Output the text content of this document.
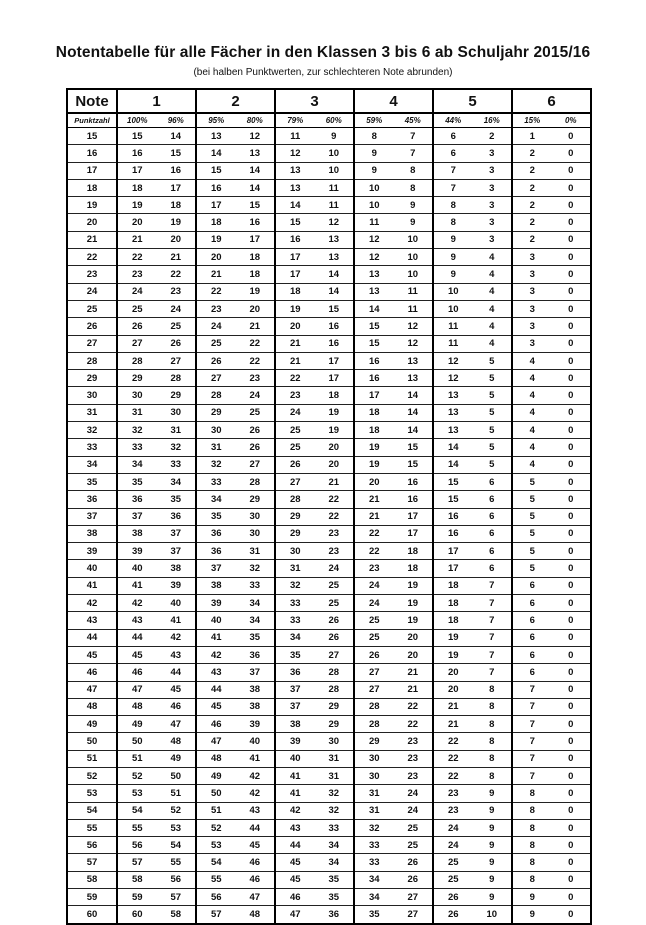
Notentabelle für alle Fächer in den Klassen 3 bis 6 ab Schuljahr 2015/16
(bei halben Punktwerten, zur schlechteren Note abrunden)
Note	1		2		3		4		5		6	
Punktzahl	100%	96%	95%	80%	79%	60%	59%	45%	44%	16%	15%	0%
15	15	14	13	12	11	9	8	7	6	2	1	0
16	16	15	14	13	12	10	9	7	6	3	2	0
17	17	16	15	14	13	10	9	8	7	3	2	0
18	18	17	16	14	13	11	10	8	7	3	2	0
19	19	18	17	15	14	11	10	9	8	3	2	0
20	20	19	18	16	15	12	11	9	8	3	2	0
21	21	20	19	17	16	13	12	10	9	3	2	0
22	22	21	20	18	17	13	12	10	9	4	3	0
23	23	22	21	18	17	14	13	10	9	4	3	0
24	24	23	22	19	18	14	13	11	10	4	3	0
25	25	24	23	20	19	15	14	11	10	4	3	0
26	26	25	24	21	20	16	15	12	11	4	3	0
27	27	26	25	22	21	16	15	12	11	4	3	0
28	28	27	26	22	21	17	16	13	12	5	4	0
29	29	28	27	23	22	17	16	13	12	5	4	0
30	30	29	28	24	23	18	17	14	13	5	4	0
31	31	30	29	25	24	19	18	14	13	5	4	0
32	32	31	30	26	25	19	18	14	13	5	4	0
33	33	32	31	26	25	20	19	15	14	5	4	0
34	34	33	32	27	26	20	19	15	14	5	4	0
35	35	34	33	28	27	21	20	16	15	6	5	0
36	36	35	34	29	28	22	21	16	15	6	5	0
37	37	36	35	30	29	22	21	17	16	6	5	0
38	38	37	36	30	29	23	22	17	16	6	5	0
39	39	37	36	31	30	23	22	18	17	6	5	0
40	40	38	37	32	31	24	23	18	17	6	5	0
41	41	39	38	33	32	25	24	19	18	7	6	0
42	42	40	39	34	33	25	24	19	18	7	6	0
43	43	41	40	34	33	26	25	19	18	7	6	0
44	44	42	41	35	34	26	25	20	19	7	6	0
45	45	43	42	36	35	27	26	20	19	7	6	0
46	46	44	43	37	36	28	27	21	20	7	6	0
47	47	45	44	38	37	28	27	21	20	8	7	0
48	48	46	45	38	37	29	28	22	21	8	7	0
49	49	47	46	39	38	29	28	22	21	8	7	0
50	50	48	47	40	39	30	29	23	22	8	7	0
51	51	49	48	41	40	31	30	23	22	8	7	0
52	52	50	49	42	41	31	30	23	22	8	7	0
53	53	51	50	42	41	32	31	24	23	9	8	0
54	54	52	51	43	42	32	31	24	23	9	8	0
55	55	53	52	44	43	33	32	25	24	9	8	0
56	56	54	53	45	44	34	33	25	24	9	8	0
57	57	55	54	46	45	34	33	26	25	9	8	0
58	58	56	55	46	45	35	34	26	25	9	8	0
59	59	57	56	47	46	35	34	27	26	9	9	0
60	60	58	57	48	47	36	35	27	26	10	9	0
